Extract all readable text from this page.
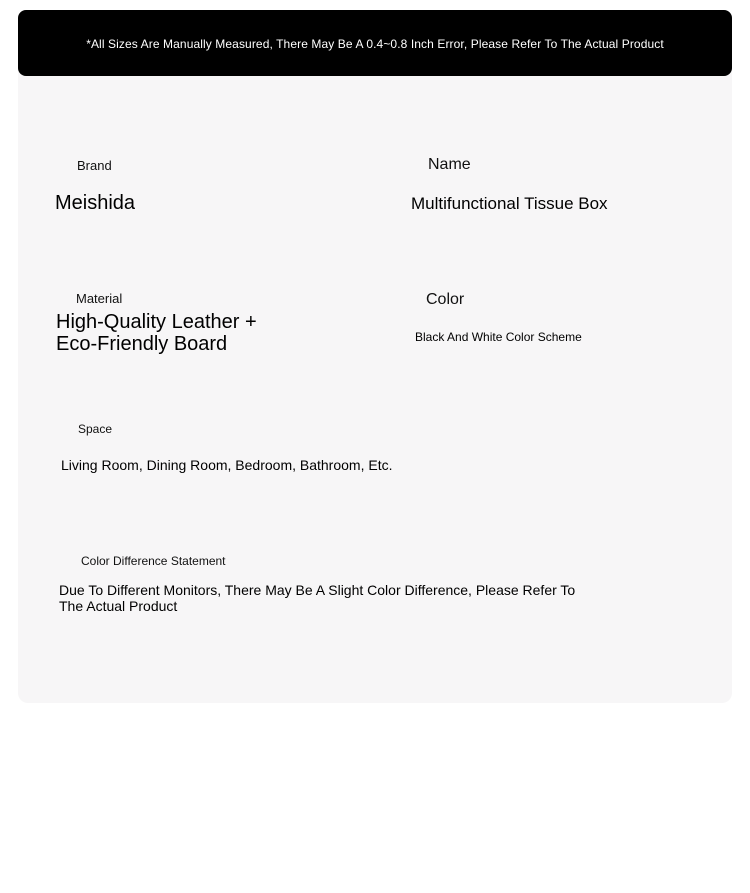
*All Sizes Are Manually Measured, There May Be A 0.4~0.8 Inch Error, Please Refer To The Actual Product
Brand
Meishida
Name
Multifunctional Tissue Box
Material
High-Quality Leather + Eco-Friendly Board
Color
Black And White Color Scheme
Space
Living Room, Dining Room, Bedroom, Bathroom, Etc.
Color Difference Statement
Due To Different Monitors, There May Be A Slight Color Difference, Please Refer To The Actual Product
